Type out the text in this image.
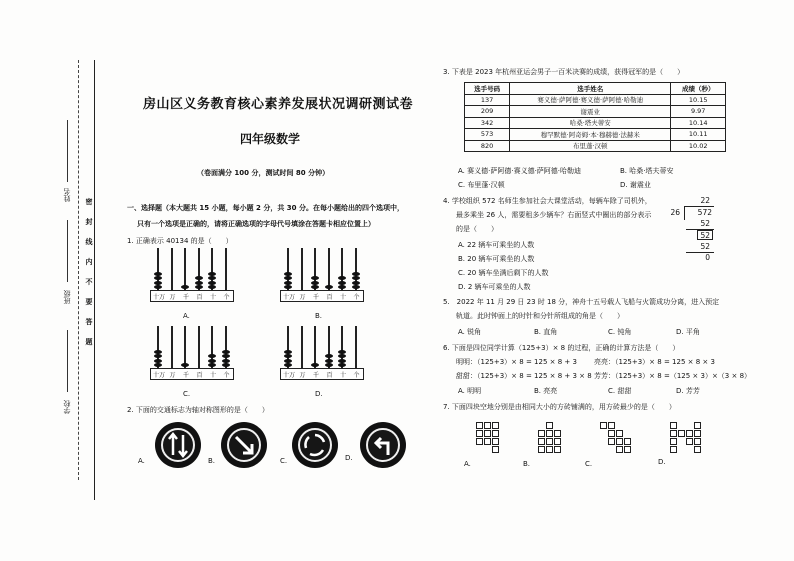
密
封
线
内
不
要
答
题
姓名
班级
学校
房山区义务教育核心素养发展状况调研测试卷
四年级数学
（卷面满分 100 分，测试时间 80 分钟）
一、选择题（本大题共 15 小题，每小题 2 分，共 30 分。在每小题给出的四个选项中，
只有一个选项是正确的，请将正确选项的字母代号填涂在答题卡相应位置上）
1. 正确表示 40134 的是（　　）
十万 万	千	百	十	个	十万 万	千	百	十	个
十万 万	千	百	十	个	十万 万	千	百	十	个
A.	B.
C.	D.
2. 下面的交通标志为轴对称图形的是（　　）
A.	B.	C.	D.
3. 下表是 2023 年杭州亚运会男子一百米决赛的成绩，获得冠军的是（　　）
选手号码	选手姓名	成绩（秒）
137	赛义德·萨阿德·赛义德·萨阿德·哈勒迪	10.15
209	谢震业	9.97
342	哈桑·塔夫蒂安	10.14
573	穆罕默德·阿奇姆·本·穆赫德·法赫米	10.11
820	布里蓬·汉顿	10.02
A. 赛义德·萨阿德·赛义德·萨阿德·哈勒迪	B. 哈桑·塔夫蒂安
C. 布里蓬·汉顿	D. 谢震业
4. 学校组织 572 名师生参加社会大课堂活动，每辆车除了司机外，
最多乘坐 26 人，需要租多少辆车？右面竖式中圈出的部分表示
的是（　　）
A. 22 辆车可乘坐的人数
B. 20 辆车可乘坐的人数
C. 20 辆车坐满后剩下的人数
D. 2 辆车可乘坐的人数
22
26	572
52
52
52
0
5.　2022 年 11 月 29 日 23 时 18 分，神舟十五号载人飞船与火箭成功分离，进入预定
轨道。此时钟面上的时针和分针所组成的角是（　　）
A. 锐角	B. 直角	C. 钝角	D. 平角
6. 下面是四位同学计算（125+3）× 8 的过程，正确的计算方法是（　　）
明明：（125+3）× 8 = 125 × 8 + 3 亮亮：（125+3）× 8 = 125 × 8 × 3
甜甜：（125+3）× 8 = 125 × 8 + 3 × 8 芳芳：（125+3）× 8 =（125 × 3）×（3 × 8）
A. 明明	B. 亮亮	C. 甜甜	D. 芳芳
7. 下面四块空地分别是由相同大小的方砖铺满的，用方砖最少的是（　　）
A.	B.	C.	D.
